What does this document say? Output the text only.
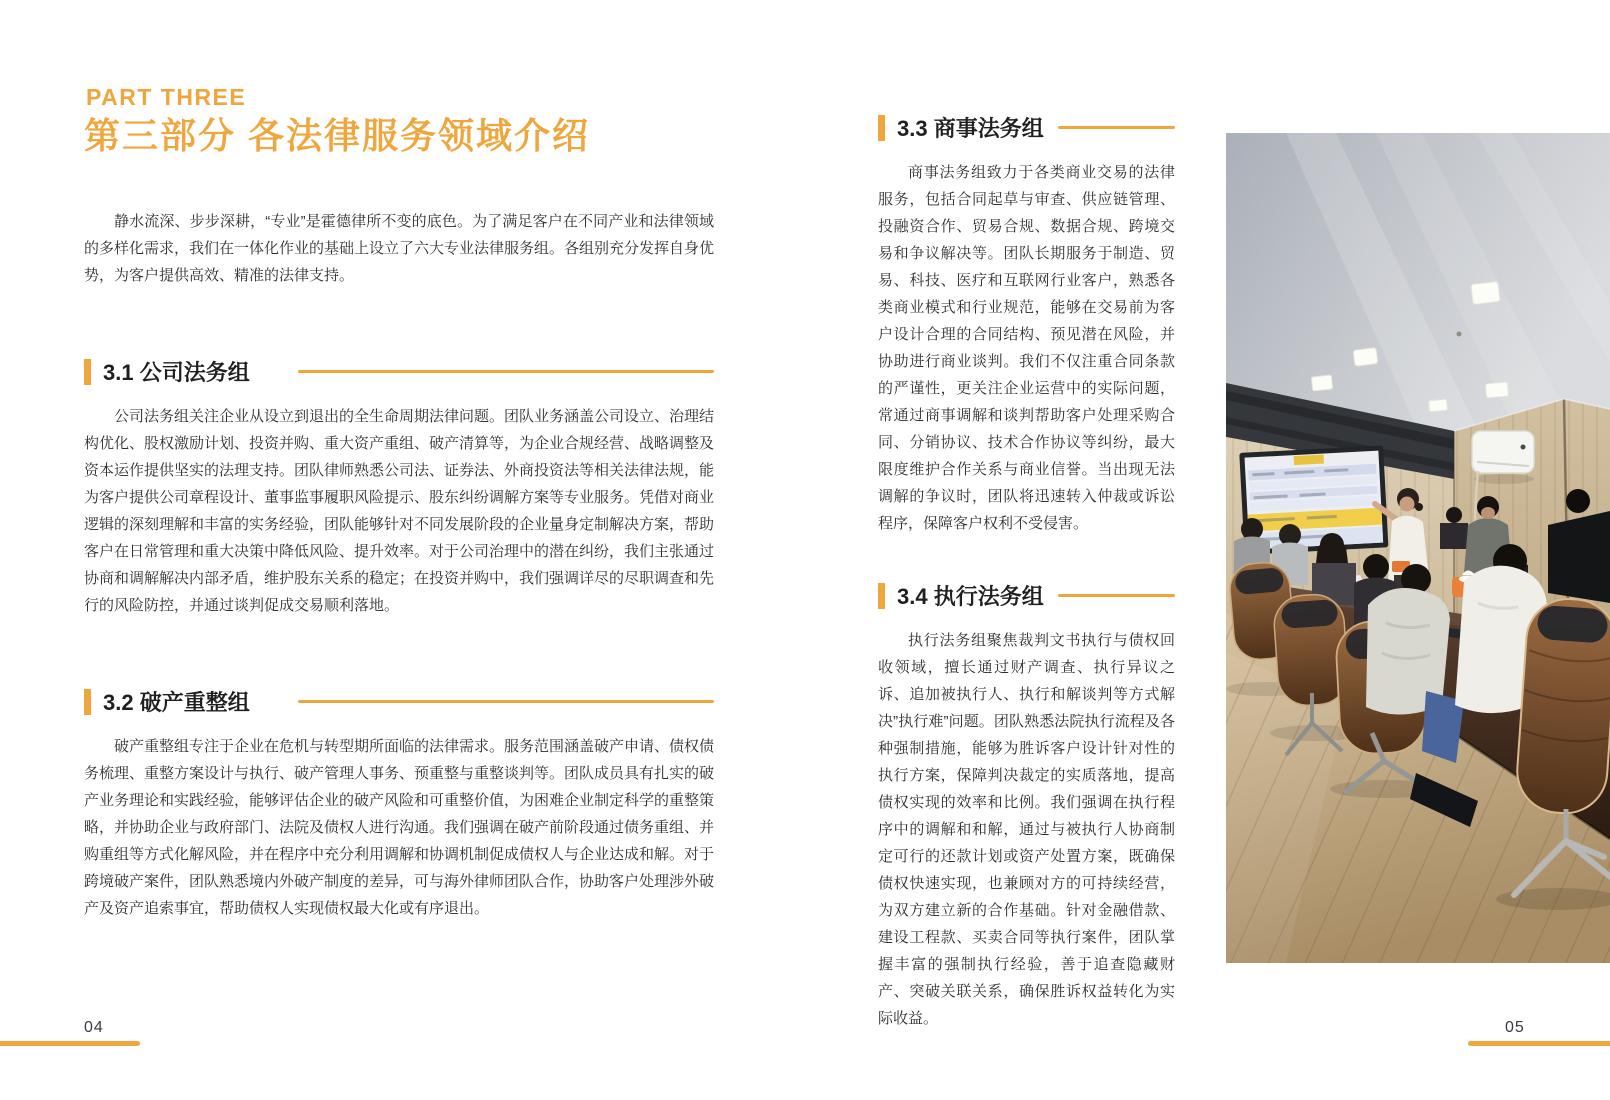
PART THREE
第三部分 各法律服务领域介绍

静水流深、步步深耕，“专业”是霍德律所不变的底色。为了满足客户在不同产业和法律领域的多样化需求，我们在一体化作业的基础上设立了六大专业法律服务组。各组别充分发挥自身优势，为客户提供高效、精准的法律支持。

3.1 公司法务组

公司法务组关注企业从设立到退出的全生命周期法律问题。团队业务涵盖公司设立、治理结构优化、股权激励计划、投资并购、重大资产重组、破产清算等，为企业合规经营、战略调整及资本运作提供坚实的法理支持。团队律师熟悉公司法、证券法、外商投资法等相关法律法规，能为客户提供公司章程设计、董事监事履职风险提示、股东纠纷调解方案等专业服务。凭借对商业逻辑的深刻理解和丰富的实务经验，团队能够针对不同发展阶段的企业量身定制解决方案，帮助客户在日常管理和重大决策中降低风险、提升效率。对于公司治理中的潜在纠纷，我们主张通过协商和调解解决内部矛盾，维护股东关系的稳定；在投资并购中，我们强调详尽的尽职调查和先行的风险防控，并通过谈判促成交易顺利落地。

3.2 破产重整组

破产重整组专注于企业在危机与转型期所面临的法律需求。服务范围涵盖破产申请、债权债务梳理、重整方案设计与执行、破产管理人事务、预重整与重整谈判等。团队成员具有扎实的破产业务理论和实践经验，能够评估企业的破产风险和可重整价值，为困难企业制定科学的重整策略，并协助企业与政府部门、法院及债权人进行沟通。我们强调在破产前阶段通过债务重组、并购重组等方式化解风险，并在程序中充分利用调解和协调机制促成债权人与企业达成和解。对于跨境破产案件，团队熟悉境内外破产制度的差异，可与海外律师团队合作，协助客户处理涉外破产及资产追索事宜，帮助债权人实现债权最大化或有序退出。

04
3.3 商事法务组

商事法务组致力于各类商业交易的法律服务，包括合同起草与审查、供应链管理、投融资合作、贸易合规、数据合规、跨境交易和争议解决等。团队长期服务于制造、贸易、科技、医疗和互联网行业客户，熟悉各类商业模式和行业规范，能够在交易前为客户设计合理的合同结构、预见潜在风险，并协助进行商业谈判。我们不仅注重合同条款的严谨性，更关注企业运营中的实际问题，常通过商事调解和谈判帮助客户处理采购合同、分销协议、技术合作协议等纠纷，最大限度维护合作关系与商业信誉。当出现无法调解的争议时，团队将迅速转入仲裁或诉讼程序，保障客户权利不受侵害。

3.4 执行法务组

执行法务组聚焦裁判文书执行与债权回收领域，擅长通过财产调查、执行异议之诉、追加被执行人、执行和解谈判等方式解决”执行难”问题。团队熟悉法院执行流程及各种强制措施，能够为胜诉客户设计针对性的执行方案，保障判决裁定的实质落地，提高债权实现的效率和比例。我们强调在执行程序中的调解和和解，通过与被执行人协商制定可行的还款计划或资产处置方案，既确保债权快速实现，也兼顾对方的可持续经营，为双方建立新的合作基础。针对金融借款、建设工程款、买卖合同等执行案件，团队掌握丰富的强制执行经验，善于追查隐藏财产、突破关联关系，确保胜诉权益转化为实际收益。

05
